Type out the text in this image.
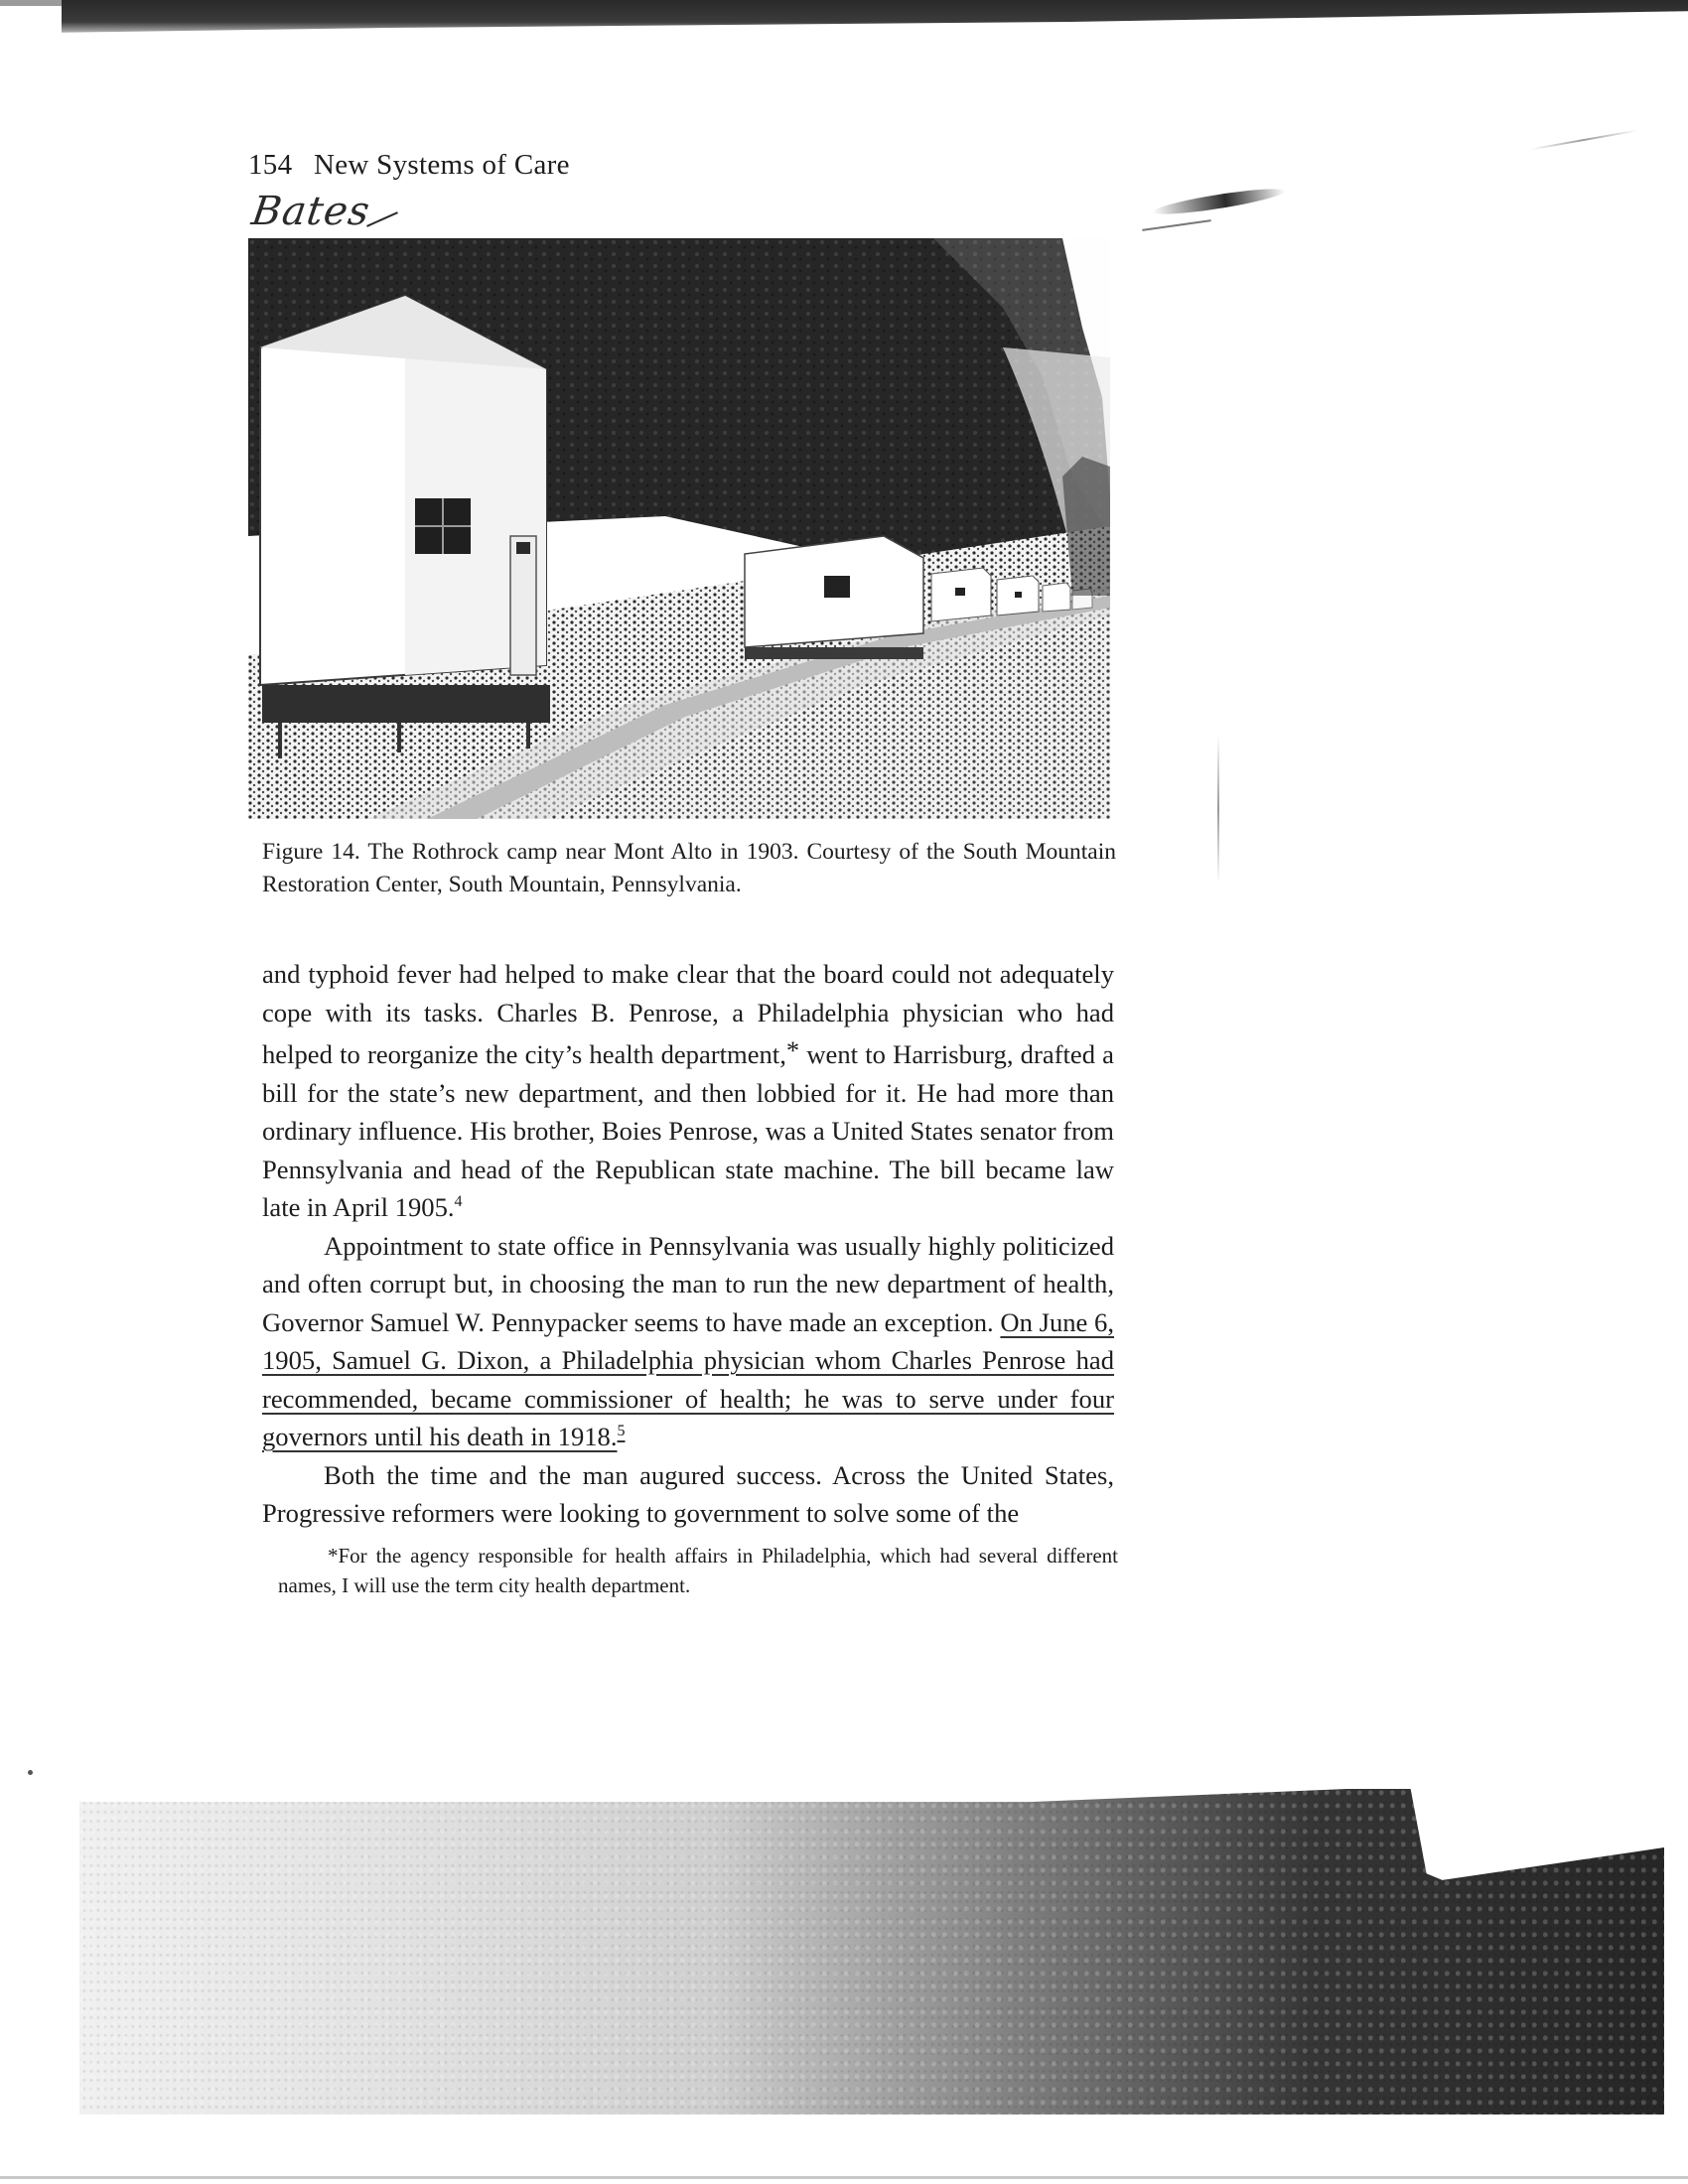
154 New Systems of Care
Bates
Figure 14. The Rothrock camp near Mont Alto in 1903. Courtesy of the South Mountain Restoration Center, South Mountain, Pennsylvania.

and typhoid fever had helped to make clear that the board could not adequately cope with its tasks. Charles B. Penrose, a Philadelphia physician who had helped to reorganize the city’s health department,* went to Harrisburg, drafted a bill for the state’s new department, and then lobbied for it. He had more than ordinary influence. His brother, Boies Penrose, was a United States senator from Pennsylvania and head of the Republican state machine. The bill became law late in April 1905.$^4$

Appointment to state office in Pennsylvania was usually highly politicized and often corrupt but, in choosing the man to run the new department of health, Governor Samuel W. Pennypacker seems to have made an exception. On June 6, 1905, Samuel G. Dixon, a Philadelphia physician whom Charles Penrose had recommended, became commissioner of health; he was to serve under four governors until his death in 1918.$^5$

Both the time and the man augured success. Across the United States, Progressive reformers were looking to government to solve some of the

*For the agency responsible for health affairs in Philadelphia, which had several different names, I will use the term city health department.
